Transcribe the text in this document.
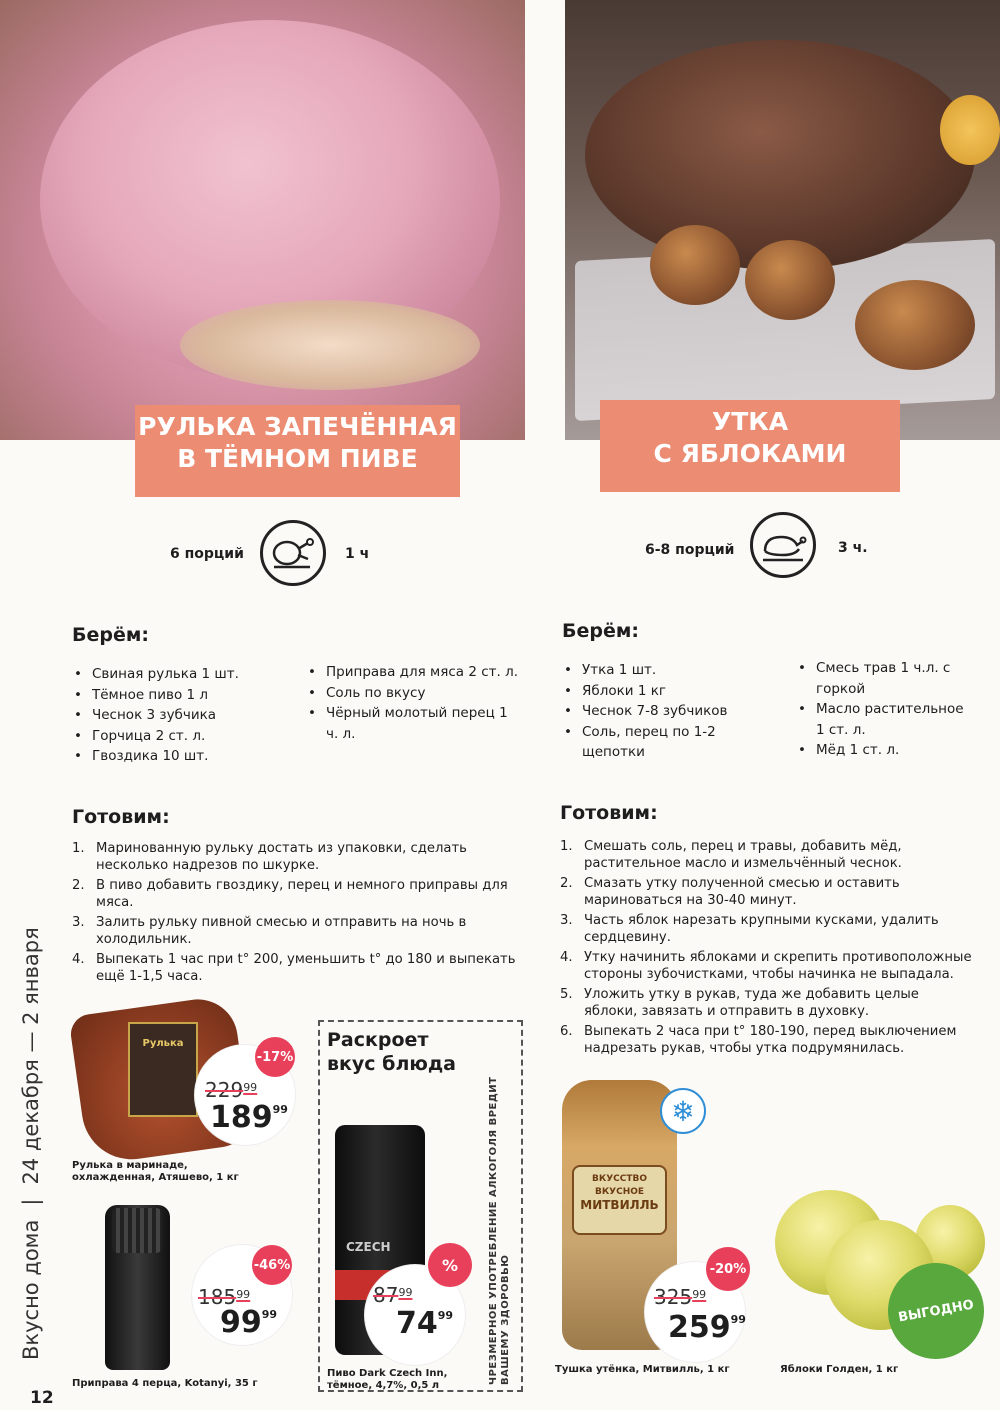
РУЛЬКА ЗАПЕЧЁННАЯ
В ТЁМНОМ ПИВЕ
УТКА
С ЯБЛОКАМИ
6 порций	1 ч	6-8 порций	3 ч.
Берём:
• Свиная рулька 1 шт.
• Тёмное пиво 1 л
• Чеснок 3 зубчика
• Горчица 2 ст. л.
• Гвоздика 10 шт.
• Приправа для мяса 2 ст. л.
• Соль по вкусу
• Чёрный молотый перец 1 ч. л.
Готовим:
1. Маринованную рульку достать из упаковки, сделать несколько надрезов по шкурке.
2. В пиво добавить гвоздику, перец и немного приправы для мяса.
3. Залить рульку пивной смесью и отправить на ночь в холодильник.
4. Выпекать 1 час при t° 200, уменьшить t° до 180 и выпекать ещё 1-1,5 часа.
Берём:
• Утка 1 шт.
• Яблоки 1 кг
• Чеснок 7-8 зубчиков
• Соль, перец по 1-2 щепотки
• Смесь трав 1 ч.л. с горкой
• Масло растительное 1 ст. л.
• Мёд 1 ст. л.
Готовим:
1. Смешать соль, перец и травы, добавить мёд, растительное масло и измельчённый чеснок.
2. Смазать утку полученной смесью и оставить мариноваться на 30-40 минут.
3. Часть яблок нарезать крупными кусками, удалить сердцевину.
4. Утку начинить яблоками и скрепить противоположные стороны зубочистками, чтобы начинка не выпадала.
5. Уложить утку в рукав, туда же добавить целые яблоки, завязать и отправить в духовку.
6. Выпекать 2 часа при t° 180-190, перед выключением надрезать рукав, чтобы утка подрумянилась.
Вкусно дома
|
24 декабря — 2 января
12
Рулька
-17%
$229^{99}$
$189^{99}$
Рулька в маринаде,
охлажденная, Атяшево, 1 кг
-46%
$185^{99}$
$99^{99}$
Приправа 4 перца, Kotanyi, 35 г
Раскроет
вкус блюда
CZECH
%
$87^{99}$
$74^{99}$
Пиво Dark Czech Inn,
тёмное, 4,7%, 0,5 л
ЧРЕЗМЕРНОЕ УПОТРЕБЛЕНИЕ АЛКОГОЛЯ ВРЕДИТ ВАШЕМУ ЗДОРОВЬЮ
ВКУССТВО ВКУСНОЕ
МИТВИЛЛЬ
❄
-20%
$325^{99}$
$259^{99}$
Тушка утёнка, Митвилль, 1 кг
ВЫГОДНО
Яблоки Голден, 1 кг
